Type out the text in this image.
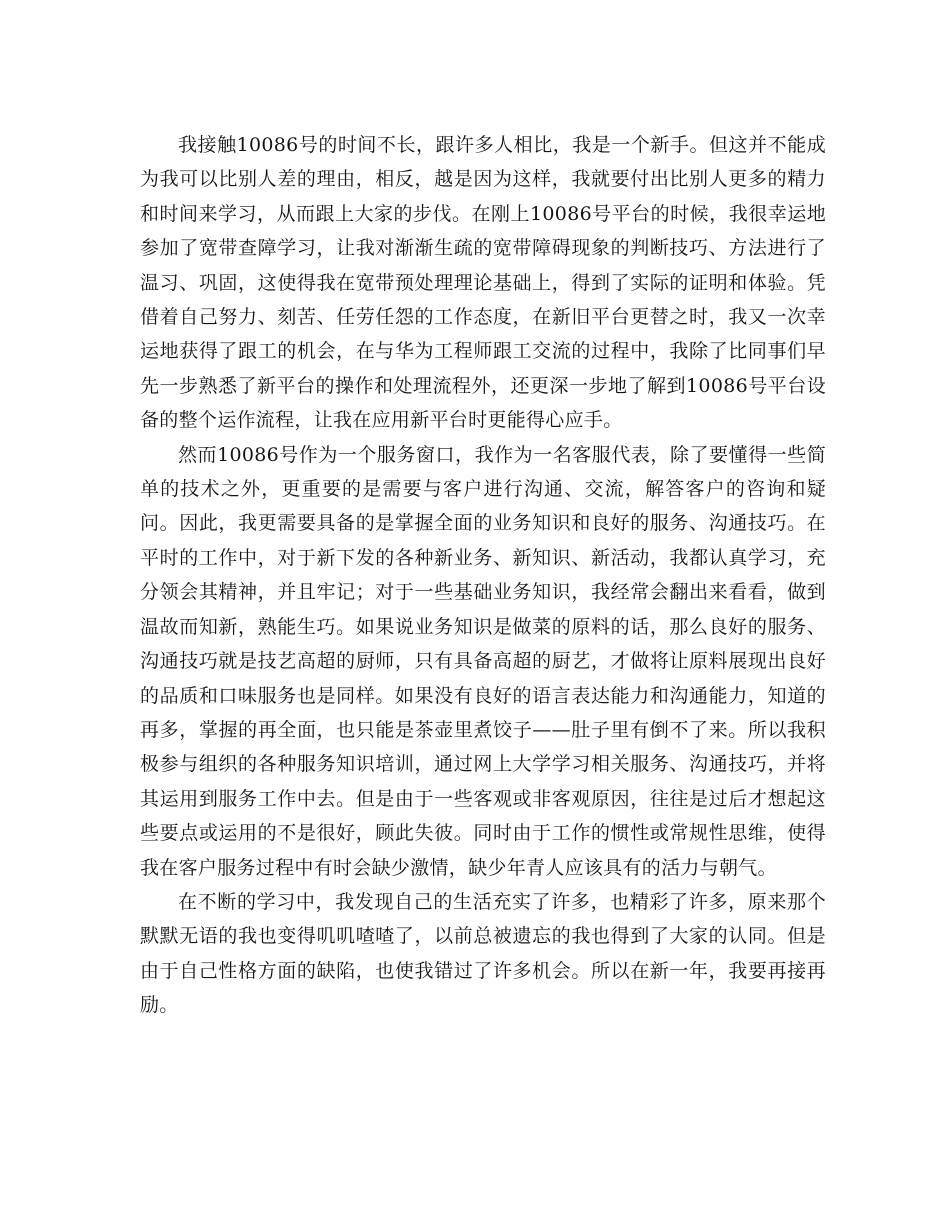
我接触10086号的时间不长，跟许多人相比，我是一个新手。但这并不能成为我可以比别人差的理由，相反，越是因为这样，我就要付出比别人更多的精力和时间来学习，从而跟上大家的步伐。在刚上10086号平台的时候，我很幸运地参加了宽带查障学习，让我对渐渐生疏的宽带障碍现象的判断技巧、方法进行了温习、巩固，这使得我在宽带预处理理论基础上，得到了实际的证明和体验。凭借着自己努力、刻苦、任劳任怨的工作态度，在新旧平台更替之时，我又一次幸运地获得了跟工的机会，在与华为工程师跟工交流的过程中，我除了比同事们早先一步熟悉了新平台的操作和处理流程外，还更深一步地了解到10086号平台设备的整个运作流程，让我在应用新平台时更能得心应手。

然而10086号作为一个服务窗口，我作为一名客服代表，除了要懂得一些简单的技术之外，更重要的是需要与客户进行沟通、交流，解答客户的咨询和疑问。因此，我更需要具备的是掌握全面的业务知识和良好的服务、沟通技巧。在平时的工作中，对于新下发的各种新业务、新知识、新活动，我都认真学习，充分领会其精神，并且牢记；对于一些基础业务知识，我经常会翻出来看看，做到温故而知新，熟能生巧。如果说业务知识是做菜的原料的话，那么良好的服务、沟通技巧就是技艺高超的厨师，只有具备高超的厨艺，才做将让原料展现出良好的品质和口味服务也是同样。如果没有良好的语言表达能力和沟通能力，知道的再多，掌握的再全面，也只能是茶壶里煮饺子——肚子里有倒不了来。所以我积极参与组织的各种服务知识培训，通过网上大学学习相关服务、沟通技巧，并将其运用到服务工作中去。但是由于一些客观或非客观原因，往往是过后才想起这些要点或运用的不是很好，顾此失彼。同时由于工作的惯性或常规性思维，使得我在客户服务过程中有时会缺少激情，缺少年青人应该具有的活力与朝气。

在不断的学习中，我发现自己的生活充实了许多，也精彩了许多，原来那个默默无语的我也变得叽叽喳喳了，以前总被遗忘的我也得到了大家的认同。但是由于自己性格方面的缺陷，也使我错过了许多机会。所以在新一年，我要再接再励。
